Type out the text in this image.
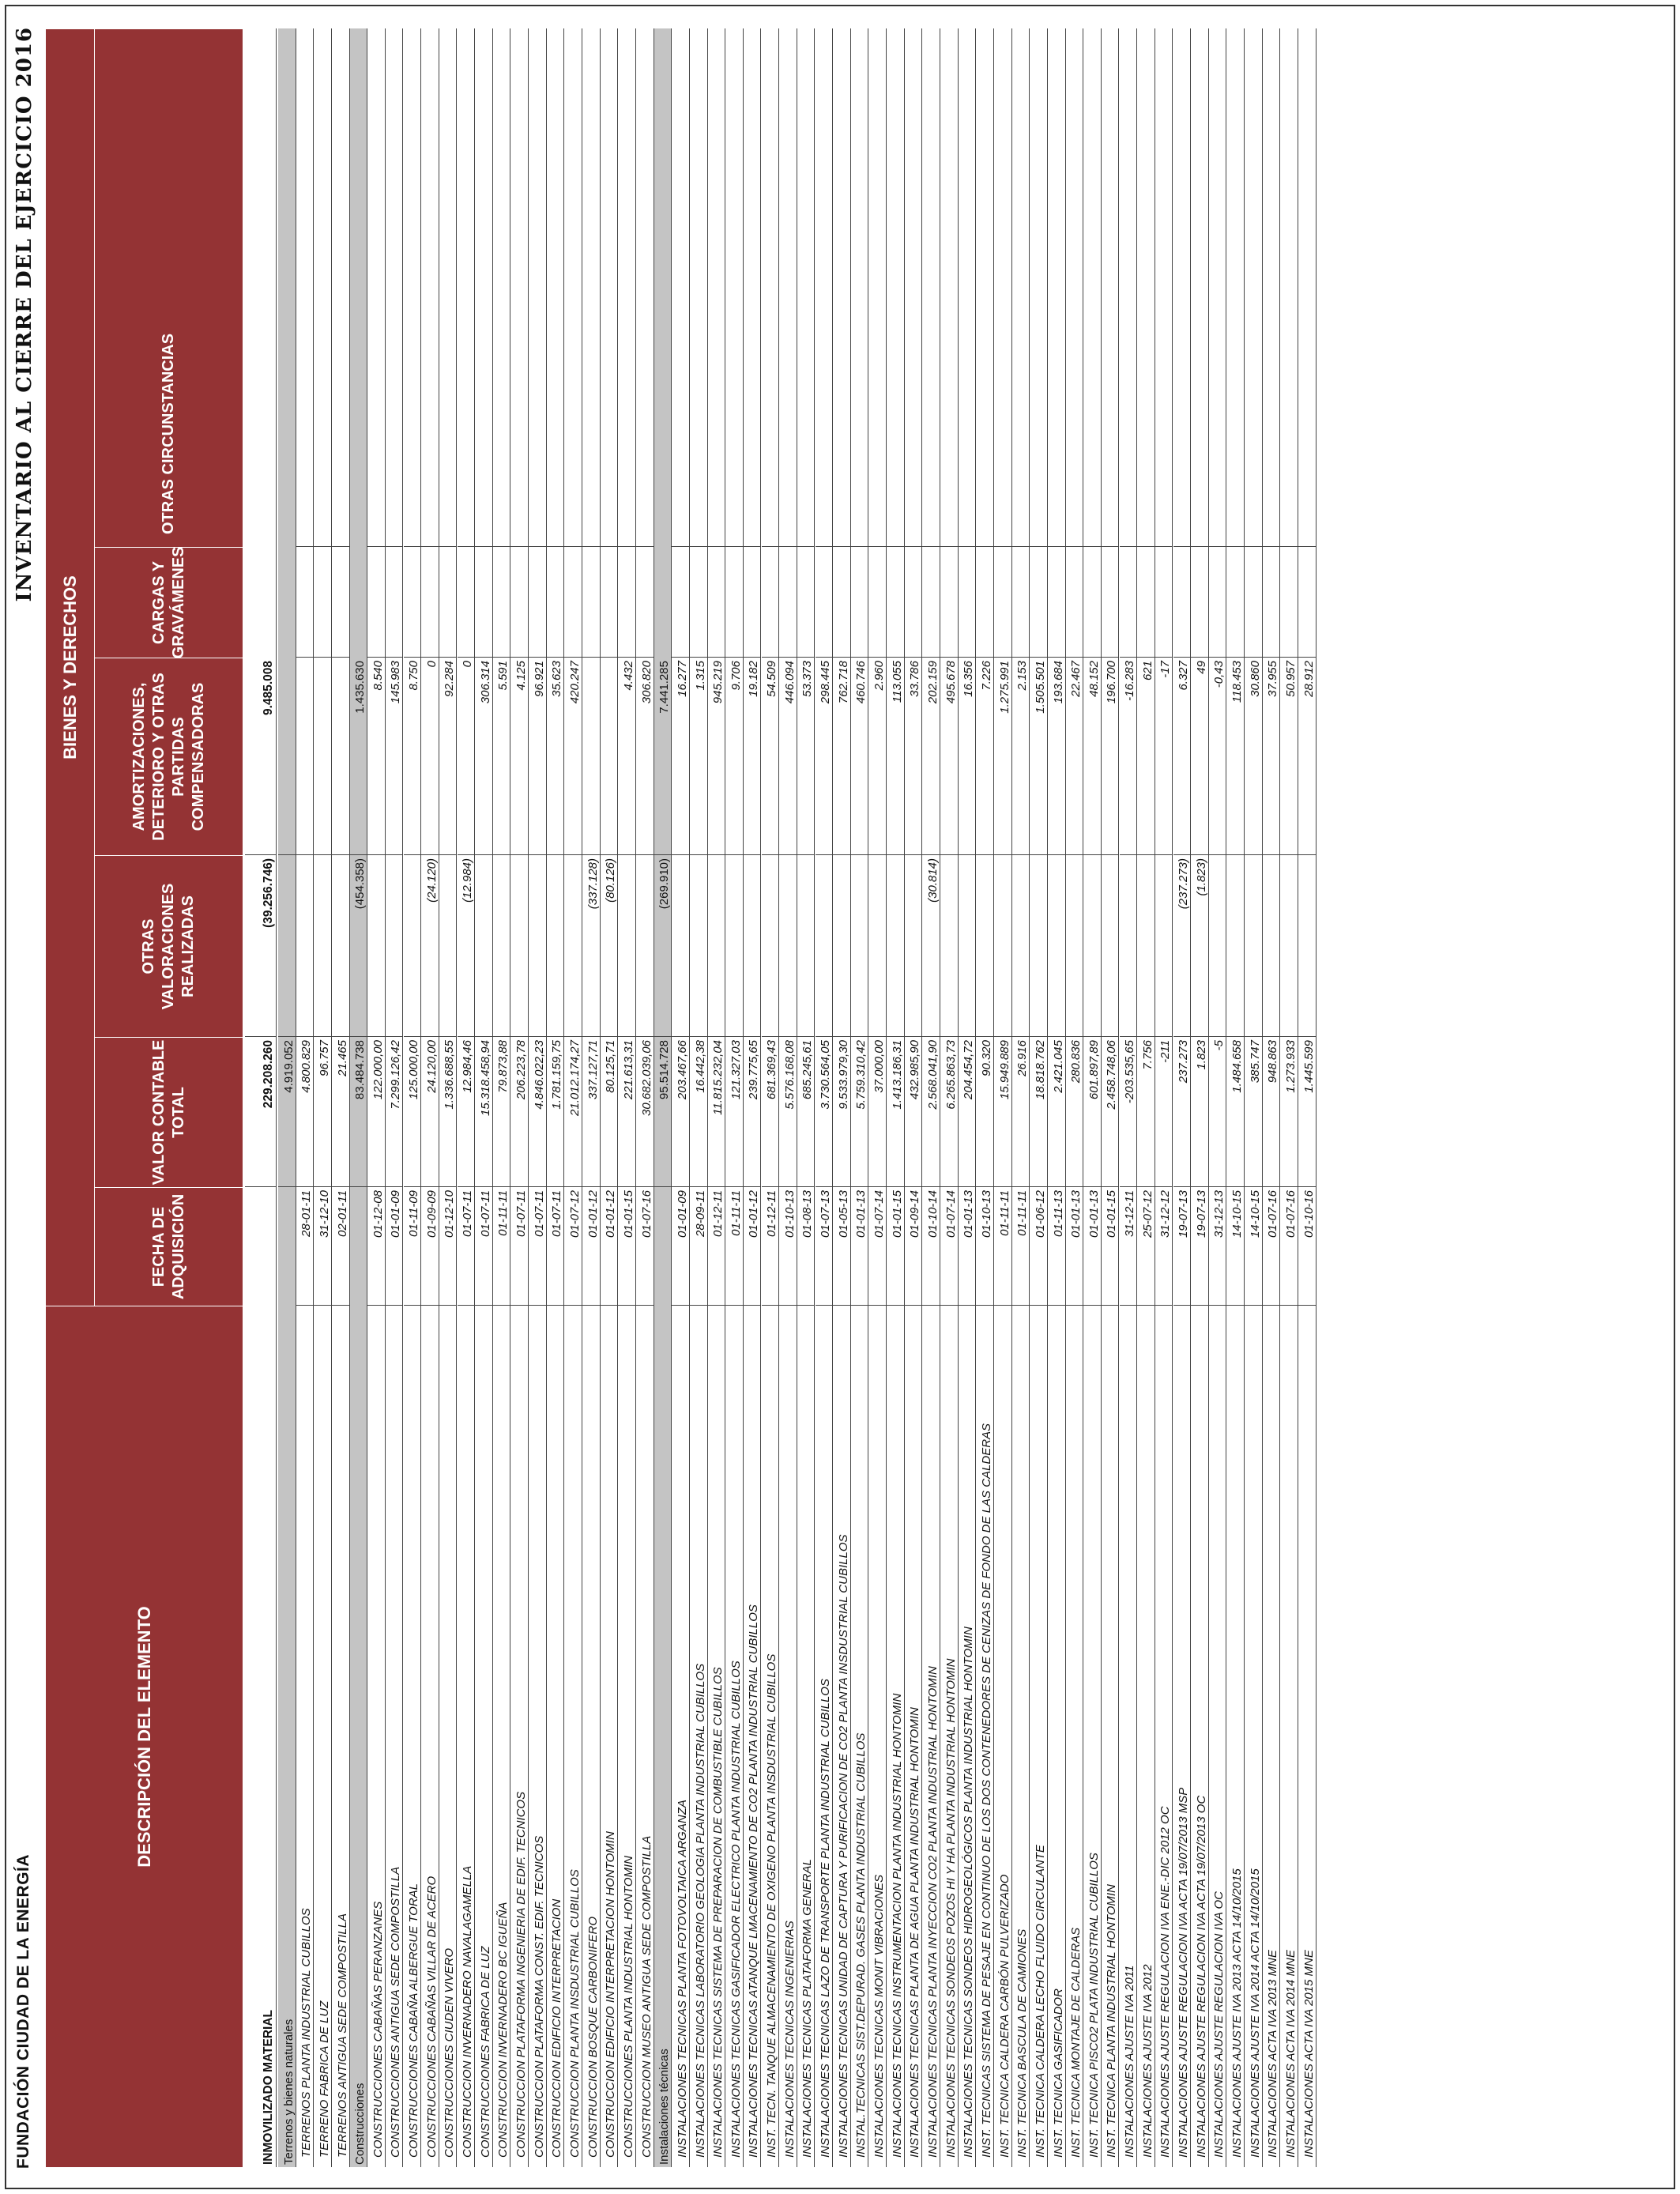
FUNDACIÓN CIUDAD DE LA ENERGÍA
INVENTARIO AL CIERRE DEL EJERCICIO 2016
DESCRIPCIÓN DEL ELEMENTO
BIENES Y DERECHOS
FECHA DE ADQUISICIÓN
VALOR CONTABLE TOTAL
OTRAS VALORACIONES REALIZADAS
AMORTIZACIONES, DETERIORO Y OTRAS PARTIDAS COMPENSADORAS
CARGAS Y GRAVÁMENES
OTRAS CIRCUNSTANCIAS
INMOVILIZADO MATERIAL
229.208.260
(39.256.746)
9.485.008
Terrenos y bienes naturales
4.919.052
TERRENOS PLANTA INDUSTRIAL CUBILLOS
28-01-11
4.800.829
TERRENO FABRICA DE LUZ
31-12-10
96.757
TERRENOS ANTIGUA SEDE COMPOSTILLA
02-01-11
21.465
Construcciones
83.484.738
(454.358)
1.435.630
CONSTRUCCIONES CABAÑAS PERANZANES
01-12-08
122.000,00
8.540
CONSTRUCCIONES ANTIGUA SEDE COMPOSTILLA
01-01-09
7.299.126,42
145.983
CONSTRUCCIONES CABAÑA ALBERGUE TORAL
01-11-09
125.000,00
8.750
CONSTRUCCIONES CABAÑAS VILLAR DE ACERO
01-09-09
24.120,00
(24.120)
0
CONSTRUCCIONES CIUDEN VIVERO
01-12-10
1.336.688,55
92.284
CONSTRUCCION INVERNADERO NAVALAGAMELLA
01-07-11
12.984,46
(12.984)
0
CONSTRUCCIONES FABRICA DE LUZ
01-07-11
15.318.458,94
306.314
CONSTRUCCION INVERNADERO BC IGUEÑA
01-11-11
79.873,88
5.591
CONSTRUCCION PLATAFORMA INGENIERIA DE EDIF. TECNICOS
01-07-11
206.223,78
4.125
CONSTRUCCION PLATAFORMA CONST. EDIF. TECNICOS
01-07-11
4.846.022,23
96.921
CONSTRUCCION EDIFICIO INTERPRETACION
01-07-11
1.781.159,75
35.623
CONSTRUCCION PLANTA INSDUSTRIAL CUBILLOS
01-07-12
21.012.174,27
420.247
CONSTRUCCION BOSQUE CARBONIFERO
01-01-12
337.127,71
(337.128)
CONSTRUCCION EDIFICIO INTERPRETACION HONTOMIN
01-01-12
80.125,71
(80.126)
CONSTRUCCIONES PLANTA INDUSTRIAL HONTOMIN
01-01-15
221.613,31
4.432
CONSTRUCCION MUSEO ANTIGUA SEDE COMPOSTILLA
01-07-16
30.682.039,06
306.820
Instalaciones técnicas
95.514.728
(269.910)
7.441.285
INSTALACIONES TECNICAS PLANTA FOTOVOLTAICA ARGANZA
01-01-09
203.467,66
16.277
INSTALACIONES TECNICAS LABORATORIO GEOLOGIA PLANTA INDUSTRIAL CUBILLOS
28-09-11
16.442,38
1.315
INSTALACIONES TECNICAS SISTEMA DE PREPARACION DE COMBUSTIBLE CUBILLOS
01-12-11
11.815.232,04
945.219
INSTALACIONES TECNICAS GASIFICADOR ELECTRICO PLANTA INDUSTRIAL CUBILLOS
01-11-11
121.327,03
9.706
INSTALACIONES TECNICAS ATANQUE LMACENAMIENTO DE CO2 PLANTA INDUSTRIAL CUBILLOS
01-01-12
239.775,65
19.182
INST. TECN. TANQUE ALMACENAMIENTO DE OXIGENO PLANTA INSDUSTRIAL CUBILLOS
01-12-11
681.369,43
54.509
INSTALACIONES TECNICAS INGENIERIAS
01-10-13
5.576.168,08
446.094
INSTALACIONES TECNICAS PLATAFORMA GENERAL
01-08-13
685.245,61
53.373
INSTALACIONES TECNICAS LAZO DE TRANSPORTE PLANTA INDUSTRIAL CUBILLOS
01-07-13
3.730.564,05
298.445
INSTALACIONES TECNICAS UNIDAD DE CAPTURA Y PURIFICACION DE CO2 PLANTA INSDUSTRIAL CUBILLOS
01-05-13
9.533.979,30
762.718
INSTAL.TECNICAS SIST.DEPURAD. GASES PLANTA INDUSTRIAL CUBILLOS
01-01-13
5.759.310,42
460.746
INSTALACIONES TECNICAS MONIT VIBRACIONES
01-07-14
37.000,00
2.960
INSTALACIONES TECNICAS INSTRUMENTACION PLANTA INDUSTRIAL HONTOMIN
01-01-15
1.413.186,31
113.055
INSTALACIONES TECNICAS PLANTA DE AGUA PLANTA INDUSTRIAL HONTOMIN
01-09-14
432.985,90
33.786
INSTALACIONES TECNICAS PLANTA INYECCION CO2 PLANTA INDUSTRIAL HONTOMIN
01-10-14
2.568.041,90
(30.814)
202.159
INSTALACIONES TECNICAS SONDEOS POZOS HI Y HA PLANTA INDUSTRIAL HONTOMIN
01-07-14
6.265.863,73
495.678
INSTALACIONES TECNICAS SONDEOS HIDROGEOLÓGICOS PLANTA INDUSTRIAL HONTOMIN
01-01-13
204.454,72
16.356
INST. TECNICAS SISTEMA DE PESAJE EN CONTINUO DE LOS DOS CONTENEDORES DE CENIZAS DE FONDO DE LAS CALDERAS
01-10-13
90.320
7.226
INST. TECNICA CALDERA CARBÓN PULVERIZADO
01-11-11
15.949.889
1.275.991
INST. TECNICA BASCULA DE CAMIONES
01-11-11
26.916
2.153
INST. TECNICA CALDERA LECHO FLUIDO CIRCULANTE
01-06-12
18.818.762
1.505.501
INST. TECNICA GASIFICADOR
01-11-13
2.421.045
193.684
INST. TECNICA MONTAJE DE CALDERAS
01-01-13
280.836
22.467
INST. TECNICA PISCO2 PLATA INDUSTRIAL CUBILLOS
01-01-13
601.897,89
48.152
INST. TECNICA PLANTA INDUSTRIAL HONTOMIN
01-01-15
2.458.748,06
196.700
INSTALACIONES AJUSTE IVA 2011
31-12-11
-203.535,65
-16.283
INSTALACIONES AJUSTE IVA 2012
25-07-12
7.756
621
INSTALACIONES AJUSTE REGULACION IVA ENE.-DIC 2012 OC
31-12-12
-211
-17
INSTALACIONES AJUSTE REGULACION IVA ACTA 19/07/2013 MSP
19-07-13
237.273
(237.273)
6.327
INSTALACIONES AJUSTE REGULACION IVA ACTA 19/07/2013 OC
19-07-13
1.823
(1.823)
49
INSTALACIONES AJUSTE REGULACION IVA OC
31-12-13
-5
-0,43
INSTALACIONES AJUSTE IVA 2013 ACTA 14/10/2015
14-10-15
1.484.658
118.453
INSTALACIONES AJUSTE IVA 2014 ACTA 14/10/2015
14-10-15
385.747
30.860
INSTALACIONES ACTA IVA 2013 MNE
01-07-16
948.863
37.955
INSTALACIONES ACTA IVA 2014 MNE
01-07-16
1.273.933
50.957
INSTALACIONES ACTA IVA 2015 MNE
01-10-16
1.445.599
28.912
